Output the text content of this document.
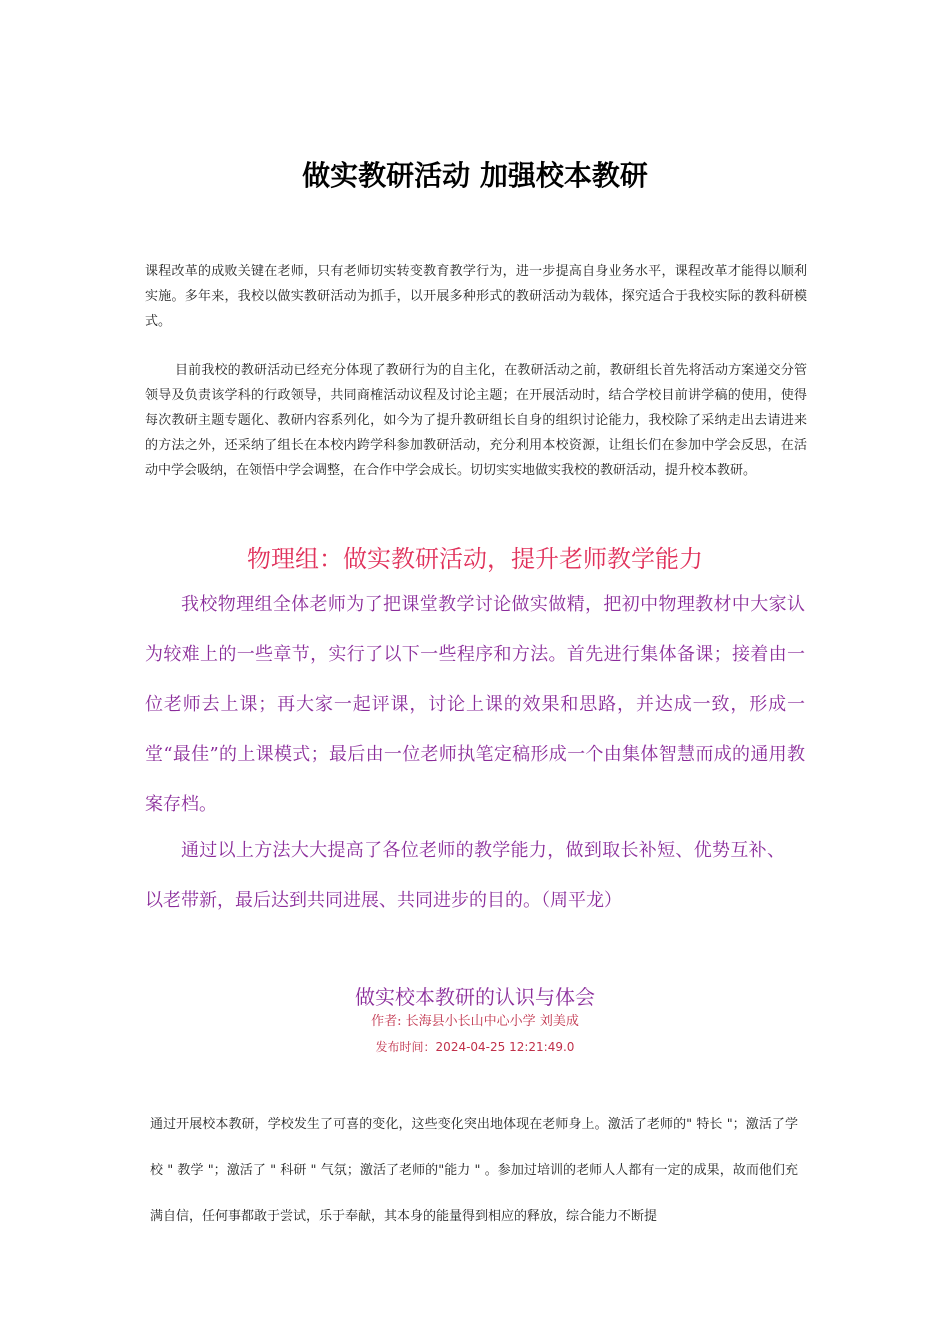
做实教研活动 加强校本教研

课程改革的成败关键在老师，只有老师切实转变教育教学行为，进一步提高自身业务水平，课程改革才能得以顺利实施。多年来，我校以做实教研活动为抓手，以开展多种形式的教研活动为载体，探究适合于我校实际的教科研模式。

目前我校的教研活动已经充分体现了教研行为的自主化，在教研活动之前，教研组长首先将活动方案递交分管领导及负责该学科的行政领导，共同商榷活动议程及讨论主题；在开展活动时，结合学校目前讲学稿的使用，使得每次教研主题专题化、教研内容系列化，如今为了提升教研组长自身的组织讨论能力，我校除了采纳走出去请进来的方法之外，还采纳了组长在本校内跨学科参加教研活动，充分利用本校资源，让组长们在参加中学会反思，在活动中学会吸纳，在领悟中学会调整，在合作中学会成长。切切实实地做实我校的教研活动，提升校本教研。

物理组：做实教研活动，提升老师教学能力

我校物理组全体老师为了把课堂教学讨论做实做精，把初中物理教材中大家认为较难上的一些章节，实行了以下一些程序和方法。首先进行集体备课；接着由一位老师去上课；再大家一起评课，讨论上课的效果和思路，并达成一致，形成一堂“最佳”的上课模式；最后由一位老师执笔定稿形成一个由集体智慧而成的通用教案存档。

通过以上方法大大提高了各位老师的教学能力，做到取长补短、优势互补、以老带新，最后达到共同进展、共同进步的目的。（周平龙）

做实校本教研的认识与体会

作者: 长海县小长山中心小学 刘美成

发布时间：2024-04-25 12:21:49.0

通过开展校本教研，学校发生了可喜的变化，这些变化突出地体现在老师身上。激活了老师的" 特长 "；激活了学校 " 教学 "；激活了 " 科研 " 气氛；激活了老师的"能力 " 。参加过培训的老师人人都有一定的成果，故而他们充满自信，任何事都敢于尝试，乐于奉献，其本身的能量得到相应的释放，综合能力不断提
